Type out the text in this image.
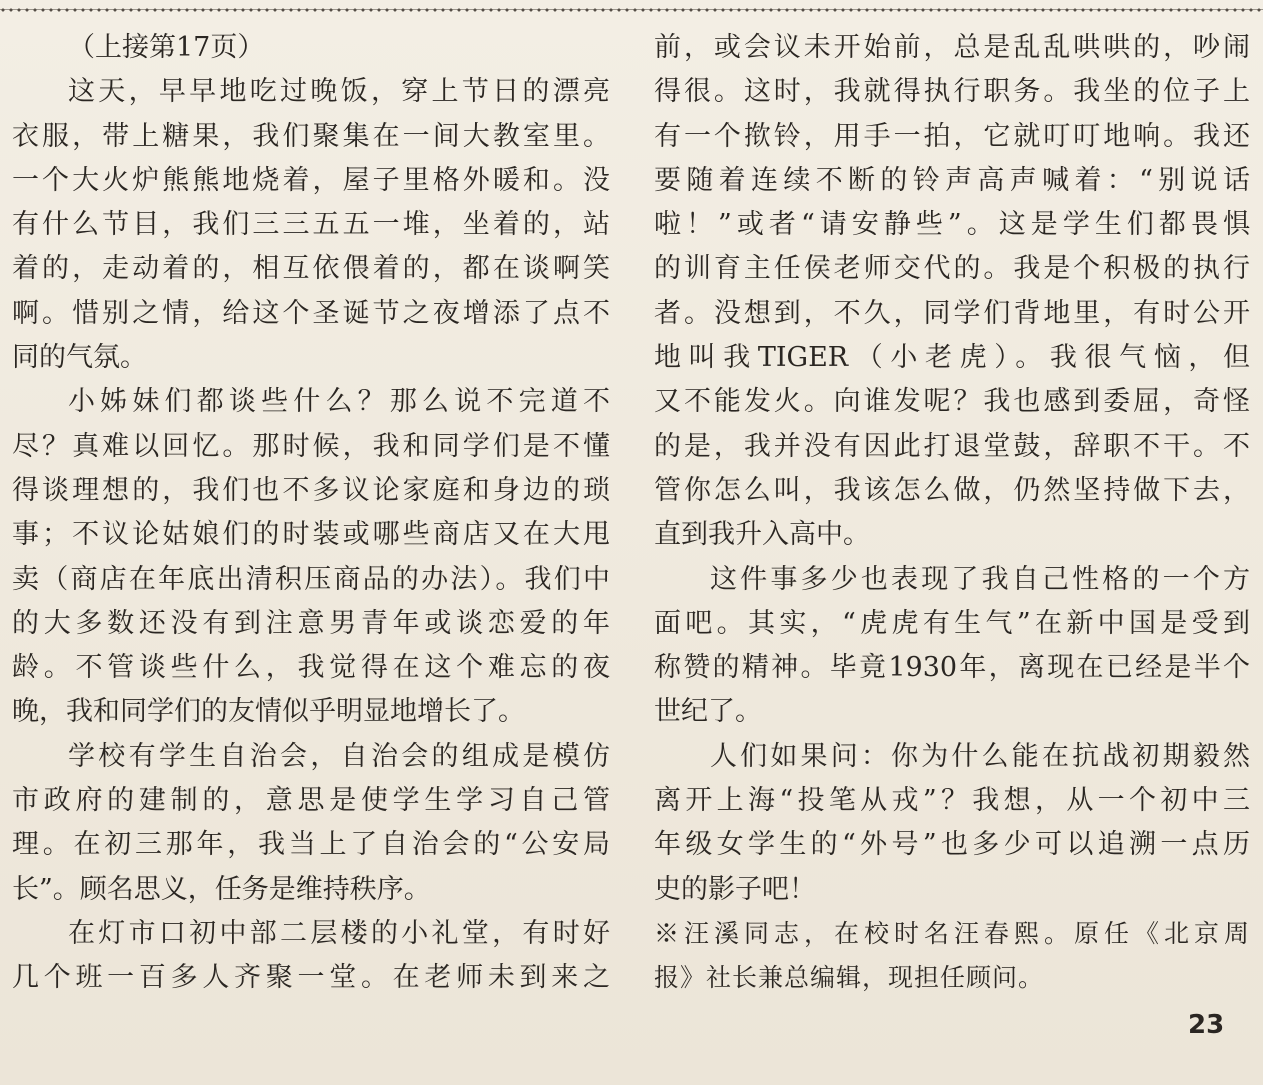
（上接第17页）
这天，早早地吃过晚饭，穿上节日的漂亮
衣服，带上糖果，我们聚集在一间大教室里。
一个大火炉熊熊地烧着，屋子里格外暖和。没
有什么节目，我们三三五五一堆，坐着的，站
着的，走动着的，相互依偎着的，都在谈啊笑
啊。惜别之情，给这个圣诞节之夜增添了点不
同的气氛。
小姊妹们都谈些什么？那么说不完道不
尽？真难以回忆。那时候，我和同学们是不懂
得谈理想的，我们也不多议论家庭和身边的琐
事；不议论姑娘们的时装或哪些商店又在大甩
卖（商店在年底出清积压商品的办法）。我们中
的大多数还没有到注意男青年或谈恋爱的年
龄。不管谈些什么，我觉得在这个难忘的夜
晚，我和同学们的友情似乎明显地增长了。
学校有学生自治会，自治会的组成是模仿
市政府的建制的，意思是使学生学习自己管
理。在初三那年，我当上了自治会的“公安局
长”。顾名思义，任务是维持秩序。
在灯市口初中部二层楼的小礼堂，有时好
几个班一百多人齐聚一堂。在老师未到来之
前，或会议未开始前，总是乱乱哄哄的，吵闹
得很。这时，我就得执行职务。我坐的位子上
有一个揿铃，用手一拍，它就叮叮地响。我还
要随着连续不断的铃声高声喊着：“别说话
啦！”或者“请安静些”。这是学生们都畏惧
的训育主任侯老师交代的。我是个积极的执行
者。没想到，不久，同学们背地里，有时公开
地叫我TIGER（小老虎）。我很气恼，但
又不能发火。向谁发呢？我也感到委屈，奇怪
的是，我并没有因此打退堂鼓，辞职不干。不
管你怎么叫，我该怎么做，仍然坚持做下去，
直到我升入高中。
这件事多少也表现了我自己性格的一个方
面吧。其实，“虎虎有生气”在新中国是受到
称赞的精神。毕竟1930年，离现在已经是半个
世纪了。
人们如果问：你为什么能在抗战初期毅然
离开上海“投笔从戎”？我想，从一个初中三
年级女学生的“外号”也多少可以追溯一点历
史的影子吧！
※汪溪同志，在校时名汪春熙。原任《北京周
报》社长兼总编辑，现担任顾问。
23
